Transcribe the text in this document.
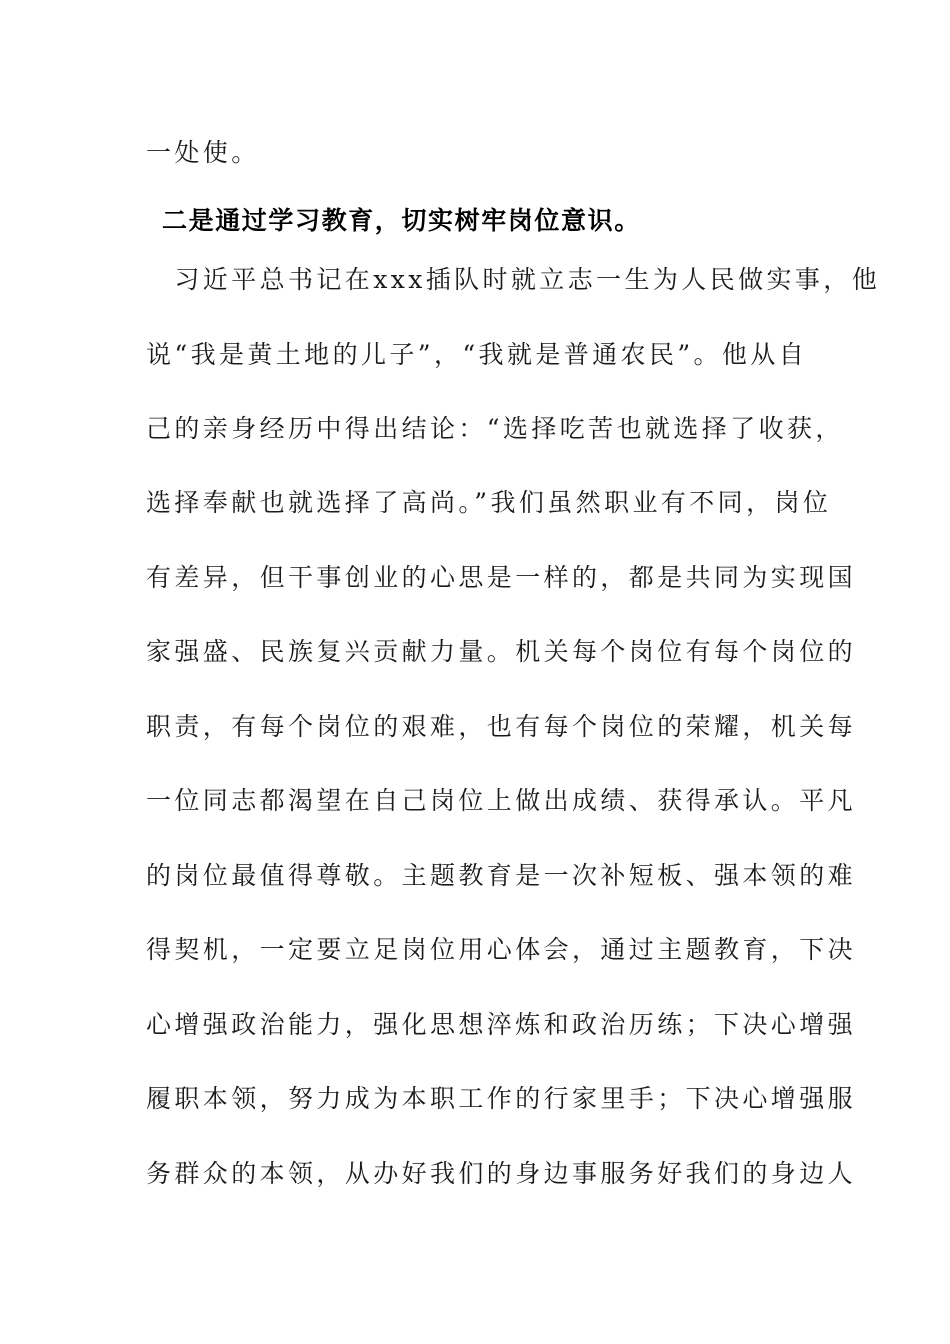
一处使。
二是通过学习教育，切实树牢岗位意识。
　习近平总书记在xxx插队时就立志一生为人民做实事，他
说“我是黄土地的儿子”，“我就是普通农民”。他从自
己的亲身经历中得出结论：“选择吃苦也就选择了收获，
选择奉献也就选择了高尚。”我们虽然职业有不同，岗位
有差异，但干事创业的心思是一样的，都是共同为实现国
家强盛、民族复兴贡献力量。机关每个岗位有每个岗位的
职责，有每个岗位的艰难，也有每个岗位的荣耀，机关每
一位同志都渴望在自己岗位上做出成绩、获得承认。平凡
的岗位最值得尊敬。主题教育是一次补短板、强本领的难
得契机，一定要立足岗位用心体会，通过主题教育，下决
心增强政治能力，强化思想淬炼和政治历练；下决心增强
履职本领，努力成为本职工作的行家里手；下决心增强服
务群众的本领，从办好我们的身边事服务好我们的身边人
